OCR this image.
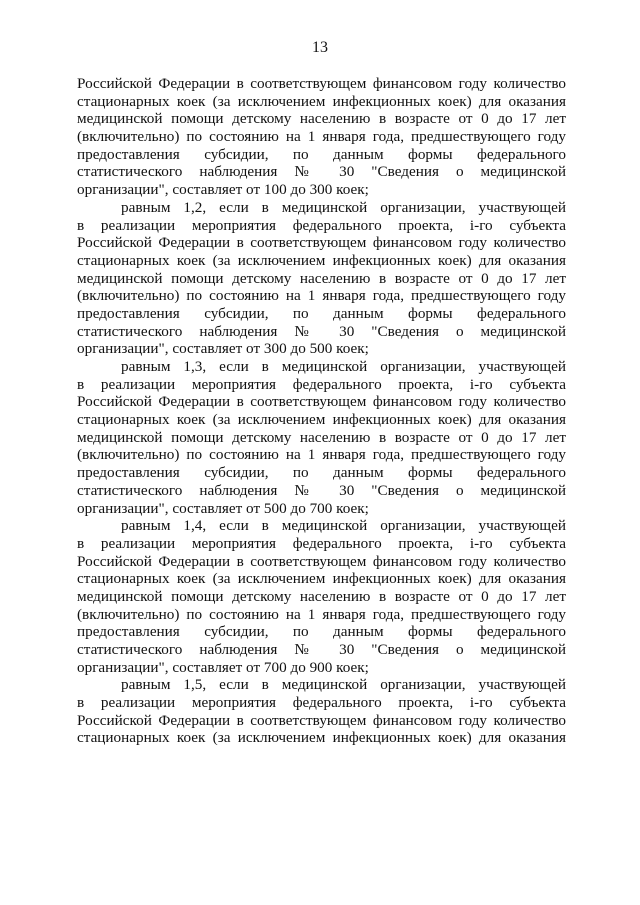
13
Российской Федерации в соответствующем финансовом году количество
стационарных коек (за исключением инфекционных коек) для оказания
медицинской помощи детскому населению в возрасте от 0 до 17 лет
(включительно) по состоянию на 1 января года, предшествующего году
предоставления субсидии, по данным формы федерального
статистического наблюдения № 30 "Сведения о медицинской
организации", составляет от 100 до 300 коек;
равным 1,2, если в медицинской организации, участвующей
в реализации мероприятия федерального проекта, i-го субъекта
Российской Федерации в соответствующем финансовом году количество
стационарных коек (за исключением инфекционных коек) для оказания
медицинской помощи детскому населению в возрасте от 0 до 17 лет
(включительно) по состоянию на 1 января года, предшествующего году
предоставления субсидии, по данным формы федерального
статистического наблюдения № 30 "Сведения о медицинской
организации", составляет от 300 до 500 коек;
равным 1,3, если в медицинской организации, участвующей
в реализации мероприятия федерального проекта, i-го субъекта
Российской Федерации в соответствующем финансовом году количество
стационарных коек (за исключением инфекционных коек) для оказания
медицинской помощи детскому населению в возрасте от 0 до 17 лет
(включительно) по состоянию на 1 января года, предшествующего году
предоставления субсидии, по данным формы федерального
статистического наблюдения № 30 "Сведения о медицинской
организации", составляет от 500 до 700 коек;
равным 1,4, если в медицинской организации, участвующей
в реализации мероприятия федерального проекта, i-го субъекта
Российской Федерации в соответствующем финансовом году количество
стационарных коек (за исключением инфекционных коек) для оказания
медицинской помощи детскому населению в возрасте от 0 до 17 лет
(включительно) по состоянию на 1 января года, предшествующего году
предоставления субсидии, по данным формы федерального
статистического наблюдения № 30 "Сведения о медицинской
организации", составляет от 700 до 900 коек;
равным 1,5, если в медицинской организации, участвующей
в реализации мероприятия федерального проекта, i-го субъекта
Российской Федерации в соответствующем финансовом году количество
стационарных коек (за исключением инфекционных коек) для оказания
